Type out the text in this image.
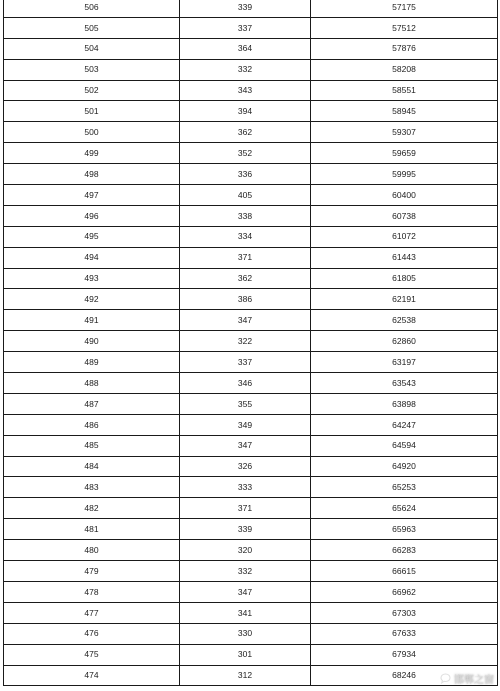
506	339	57175
505	337	57512
504	364	57876
503	332	58208
502	343	58551
501	394	58945
500	362	59307
499	352	59659
498	336	59995
497	405	60400
496	338	60738
495	334	61072
494	371	61443
493	362	61805
492	386	62191
491	347	62538
490	322	62860
489	337	63197
488	346	63543
487	355	63898
486	349	64247
485	347	64594
484	326	64920
483	333	65253
482	371	65624
481	339	65963
480	320	66283
479	332	66615
478	347	66962
477	341	67303
476	330	67633
475	301	67934
474	312	68246	邯郸之窗
